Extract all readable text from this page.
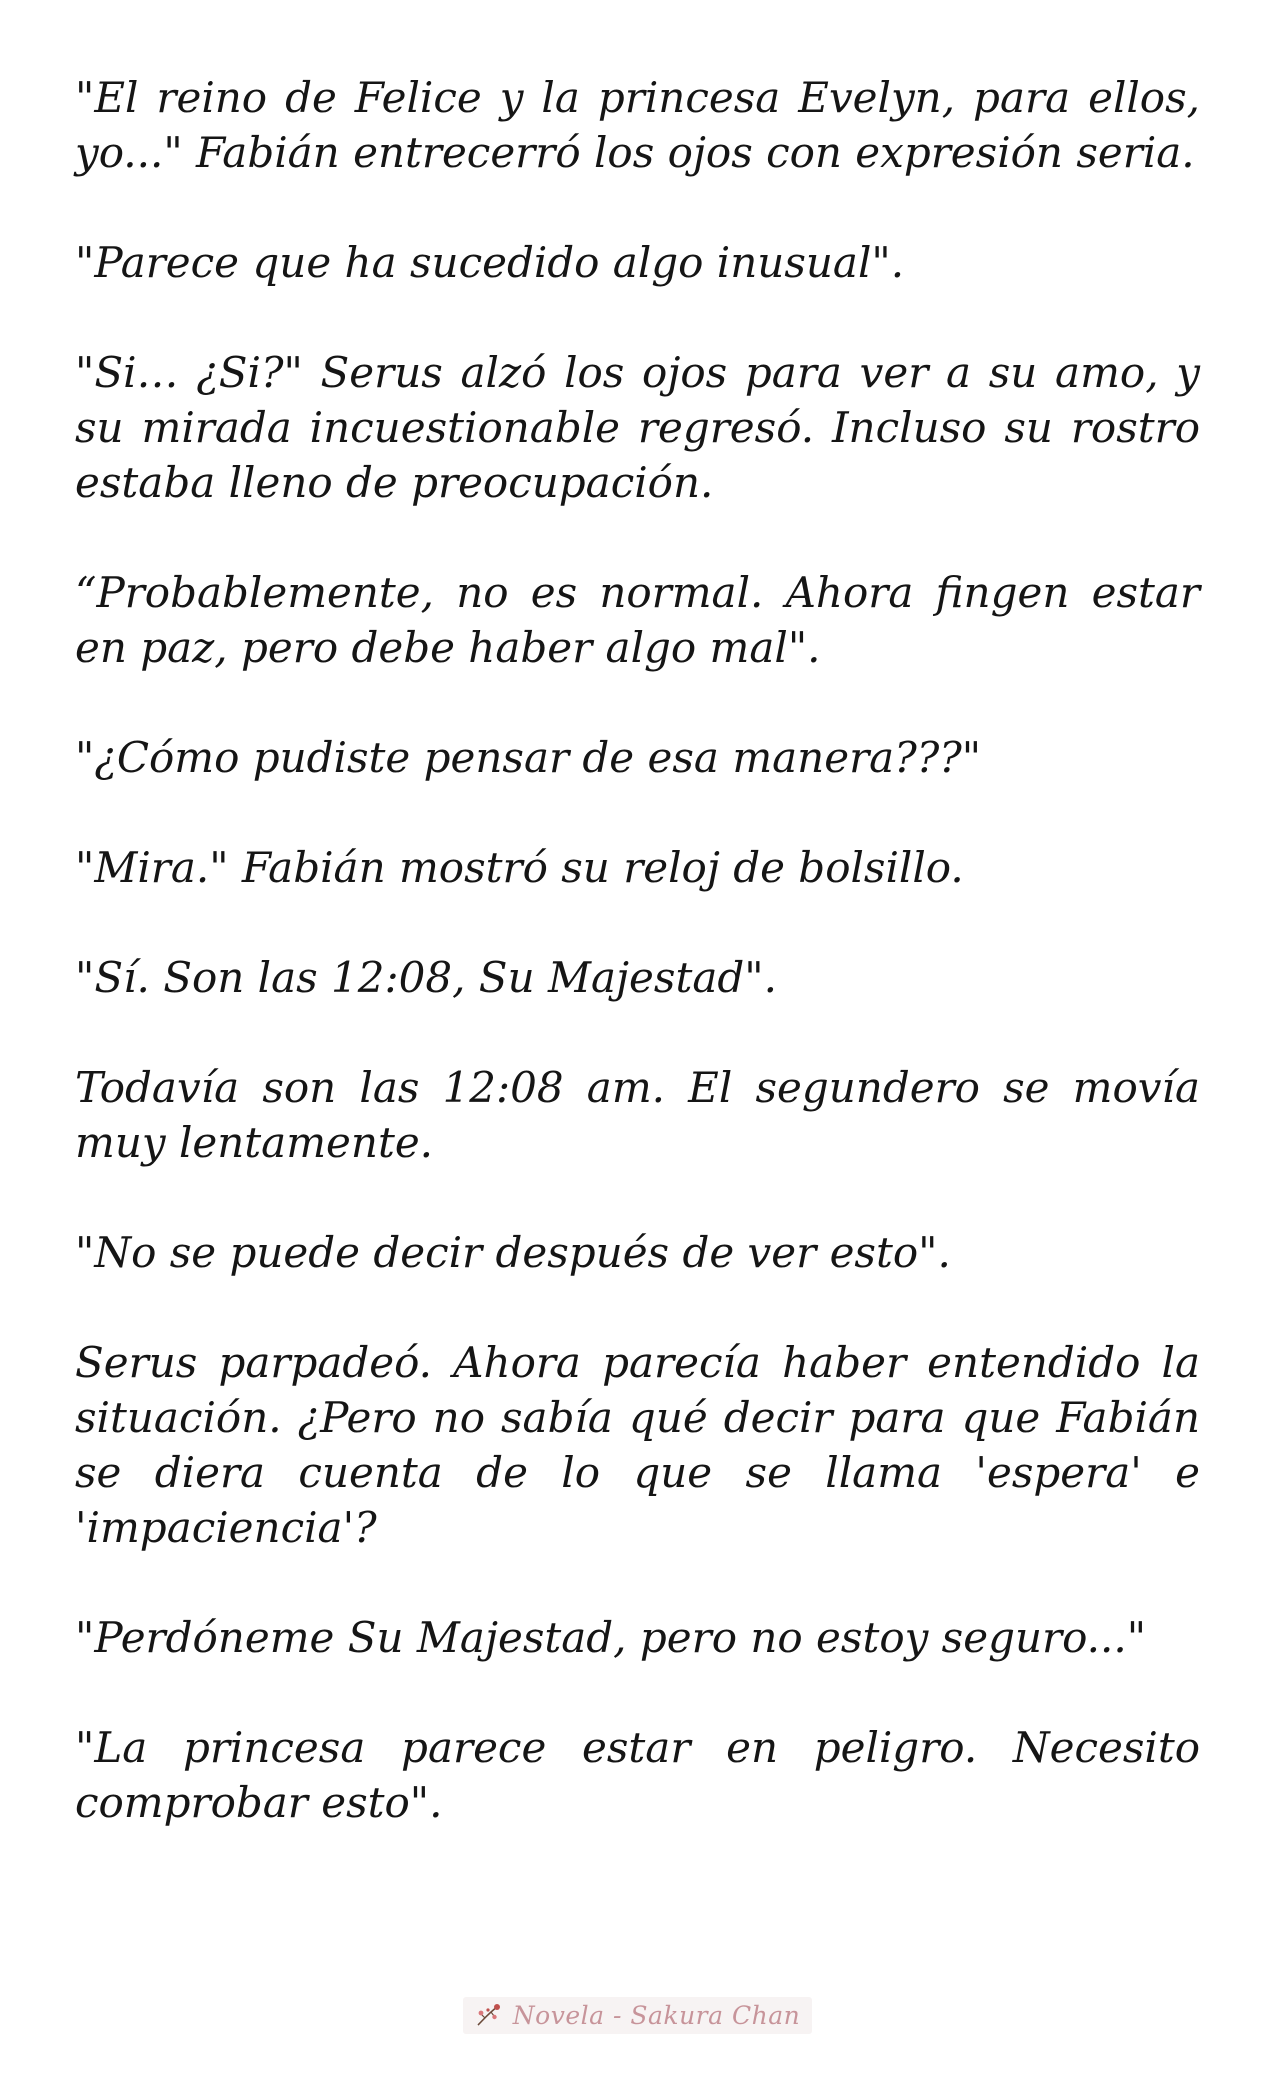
"El reino de Felice y la princesa Evelyn, para ellos, yo..." Fabián entrecerró los ojos con expresión seria.

"Parece que ha sucedido algo inusual".

"Si… ¿Si?" Serus alzó los ojos para ver a su amo, y su mirada incuestionable regresó. Incluso su rostro estaba lleno de preocupación.

“Probablemente, no es normal. Ahora fingen estar en paz, pero debe haber algo mal".

"¿Cómo pudiste pensar de esa manera???"

"Mira." Fabián mostró su reloj de bolsillo.

"Sí. Son las 12:08, Su Majestad".

Todavía son las 12:08 am. El segundero se movía muy lentamente.

"No se puede decir después de ver esto".

Serus parpadeó. Ahora parecía haber entendido la situación. ¿Pero no sabía qué decir para que Fabián se diera cuenta de lo que se llama 'espera' e 'impaciencia'?

"Perdóneme Su Majestad, pero no estoy seguro..."

"La princesa parece estar en peligro. Necesito comprobar esto".

Novela - Sakura Chan
